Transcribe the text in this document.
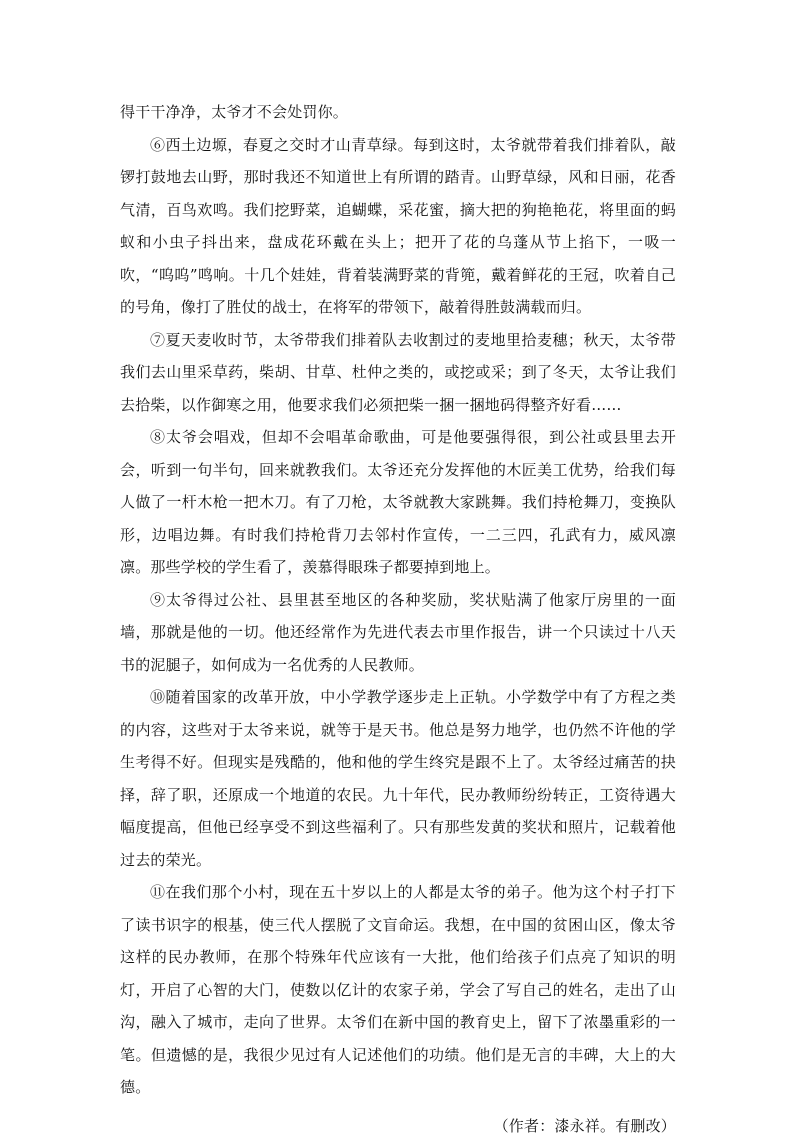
得干干净净，太爷才不会处罚你。

⑥西土边塬，春夏之交时才山青草绿。每到这时，太爷就带着我们排着队，敲锣打鼓地去山野，那时我还不知道世上有所谓的踏青。山野草绿，风和日丽，花香气清，百鸟欢鸣。我们挖野菜，追蝴蝶，采花蜜，摘大把的狗艳艳花，将里面的蚂蚁和小虫子抖出来，盘成花环戴在头上；把开了花的乌蓬从节上掐下，一吸一吹，“呜呜”鸣响。十几个娃娃，背着装满野菜的背篼，戴着鲜花的王冠，吹着自己的号角，像打了胜仗的战士，在将军的带领下，敲着得胜鼓满载而归。

⑦夏天麦收时节，太爷带我们排着队去收割过的麦地里拾麦穗；秋天，太爷带我们去山里采草药，柴胡、甘草、杜仲之类的，或挖或采；到了冬天，太爷让我们去拾柴，以作御寒之用，他要求我们必须把柴一捆一捆地码得整齐好看……

⑧太爷会唱戏，但却不会唱革命歌曲，可是他要强得很，到公社或县里去开会，听到一句半句，回来就教我们。太爷还充分发挥他的木匠美工优势，给我们每人做了一杆木枪一把木刀。有了刀枪，太爷就教大家跳舞。我们持枪舞刀，变换队形，边唱边舞。有时我们持枪背刀去邻村作宣传，一二三四，孔武有力，威风凛凛。那些学校的学生看了，羡慕得眼珠子都要掉到地上。

⑨太爷得过公社、县里甚至地区的各种奖励，奖状贴满了他家厅房里的一面墙，那就是他的一切。他还经常作为先进代表去市里作报告，讲一个只读过十八天书的泥腿子，如何成为一名优秀的人民教师。

⑩随着国家的改革开放，中小学教学逐步走上正轨。小学数学中有了方程之类的内容，这些对于太爷来说，就等于是天书。他总是努力地学，也仍然不许他的学生考得不好。但现实是残酷的，他和他的学生终究是跟不上了。太爷经过痛苦的抉择，辞了职，还原成一个地道的农民。九十年代，民办教师纷纷转正，工资待遇大幅度提高，但他已经享受不到这些福利了。只有那些发黄的奖状和照片，记载着他过去的荣光。

⑪在我们那个小村，现在五十岁以上的人都是太爷的弟子。他为这个村子打下了读书识字的根基，使三代人摆脱了文盲命运。我想，在中国的贫困山区，像太爷这样的民办教师，在那个特殊年代应该有一大批，他们给孩子们点亮了知识的明灯，开启了心智的大门，使数以亿计的农家子弟，学会了写自己的姓名，走出了山沟，融入了城市，走向了世界。太爷们在新中国的教育史上，留下了浓墨重彩的一笔。但遗憾的是，我很少见过有人记述他们的功绩。他们是无言的丰碑，大上的大德。

（作者：漆永祥。有删改）
